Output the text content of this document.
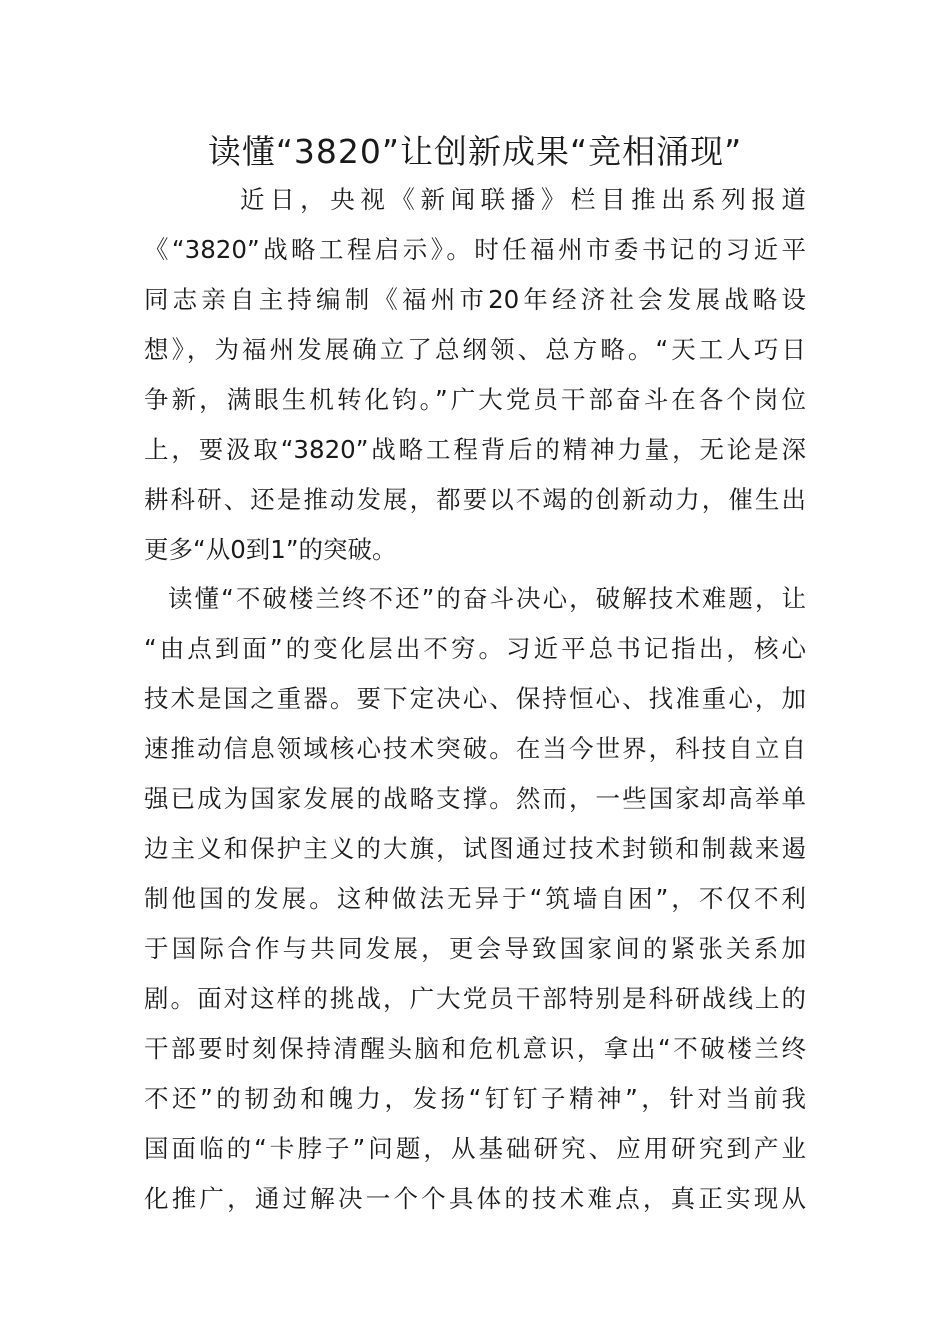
读懂“3820”让创新成果“竞相涌现”
近日，央视《新闻联播》栏目推出系列报道
《“3820”战略工程启示》。时任福州市委书记的习近平
同志亲自主持编制《福州市20年经济社会发展战略设
想》，为福州发展确立了总纲领、总方略。“天工人巧日
争新，满眼生机转化钧。”广大党员干部奋斗在各个岗位
上，要汲取“3820”战略工程背后的精神力量，无论是深
耕科研、还是推动发展，都要以不竭的创新动力，催生出
更多“从0到1”的突破。
读懂“不破楼兰终不还”的奋斗决心，破解技术难题，让
“由点到面”的变化层出不穷。习近平总书记指出，核心
技术是国之重器。要下定决心、保持恒心、找准重心，加
速推动信息领域核心技术突破。在当今世界，科技自立自
强已成为国家发展的战略支撑。然而，一些国家却高举单
边主义和保护主义的大旗，试图通过技术封锁和制裁来遏
制他国的发展。这种做法无异于“筑墙自困”，不仅不利
于国际合作与共同发展，更会导致国家间的紧张关系加
剧。面对这样的挑战，广大党员干部特别是科研战线上的
干部要时刻保持清醒头脑和危机意识，拿出“不破楼兰终
不还”的韧劲和魄力，发扬“钉钉子精神”，针对当前我
国面临的“卡脖子”问题，从基础研究、应用研究到产业
化推广，通过解决一个个具体的技术难点，真正实现从
